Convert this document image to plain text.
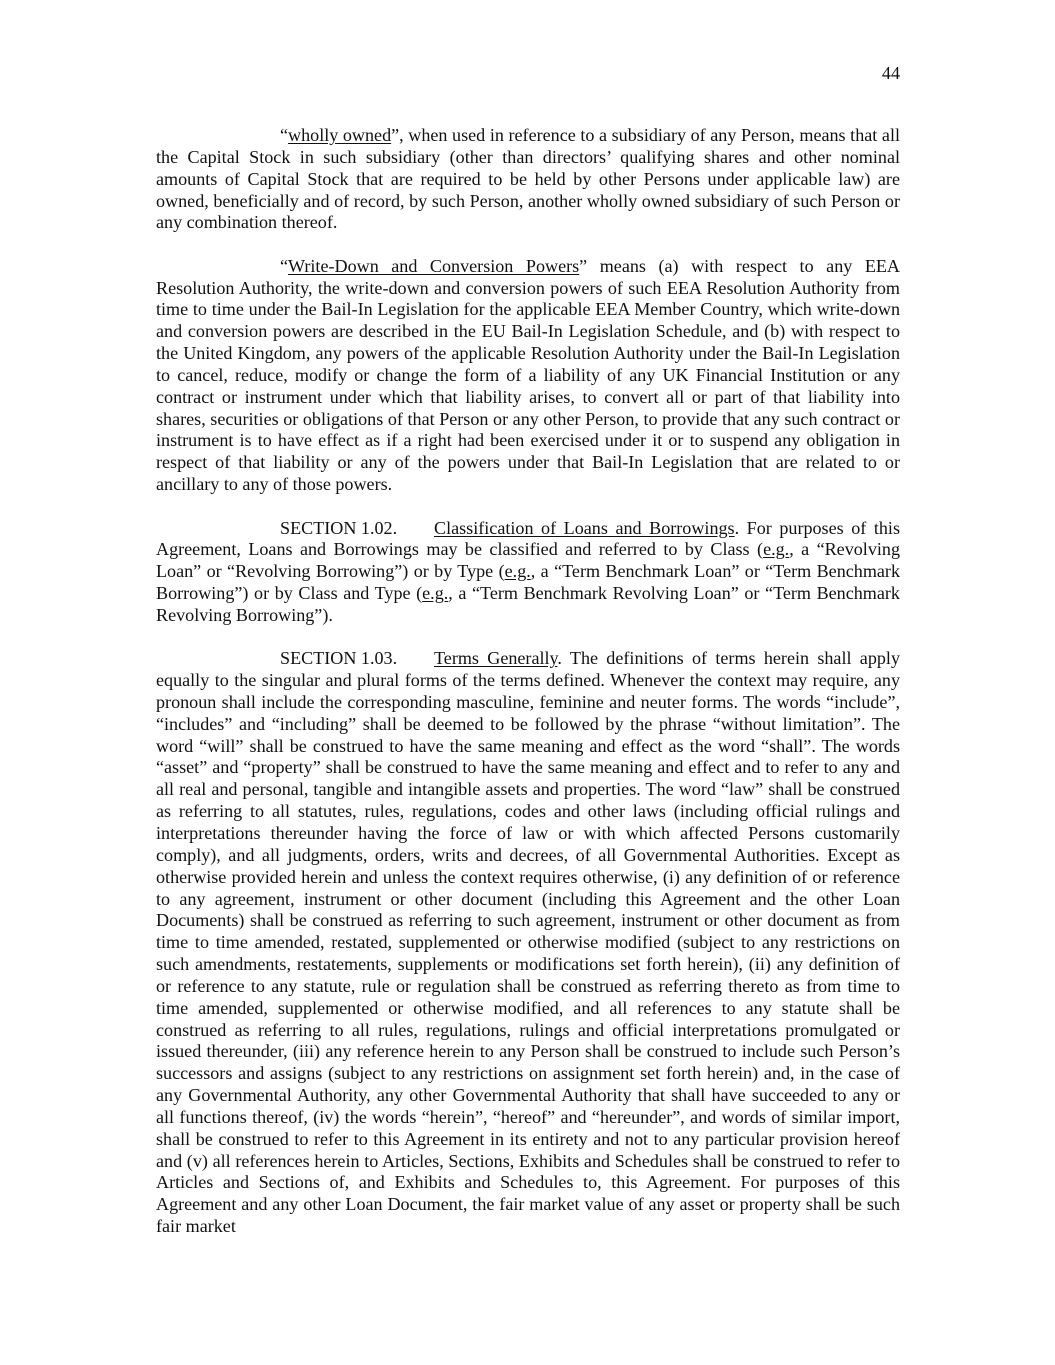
44

“wholly owned”, when used in reference to a subsidiary of any Person, means that all the Capital Stock in such subsidiary (other than directors’ qualifying shares and other nominal amounts of Capital Stock that are required to be held by other Persons under applicable law) are owned, beneficially and of record, by such Person, another wholly owned subsidiary of such Person or any combination thereof.

“Write-Down and Conversion Powers” means (a) with respect to any EEA Resolution Authority, the write-down and conversion powers of such EEA Resolution Authority from time to time under the Bail-In Legislation for the applicable EEA Member Country, which write-down and conversion powers are described in the EU Bail-In Legislation Schedule, and (b) with respect to the United Kingdom, any powers of the applicable Resolution Authority under the Bail-In Legislation to cancel, reduce, modify or change the form of a liability of any UK Financial Institution or any contract or instrument under which that liability arises, to convert all or part of that liability into shares, securities or obligations of that Person or any other Person, to provide that any such contract or instrument is to have effect as if a right had been exercised under it or to suspend any obligation in respect of that liability or any of the powers under that Bail-In Legislation that are related to or ancillary to any of those powers.

SECTION 1.02. Classification of Loans and Borrowings. For purposes of this Agreement, Loans and Borrowings may be classified and referred to by Class (e.g., a “Revolving Loan” or “Revolving Borrowing”) or by Type (e.g., a “Term Benchmark Loan” or “Term Benchmark Borrowing”) or by Class and Type (e.g., a “Term Benchmark Revolving Loan” or “Term Benchmark Revolving Borrowing”).

SECTION 1.03. Terms Generally. The definitions of terms herein shall apply equally to the singular and plural forms of the terms defined. Whenever the context may require, any pronoun shall include the corresponding masculine, feminine and neuter forms. The words “include”, “includes” and “including” shall be deemed to be followed by the phrase “without limitation”. The word “will” shall be construed to have the same meaning and effect as the word “shall”. The words “asset” and “property” shall be construed to have the same meaning and effect and to refer to any and all real and personal, tangible and intangible assets and properties. The word “law” shall be construed as referring to all statutes, rules, regulations, codes and other laws (including official rulings and interpretations thereunder having the force of law or with which affected Persons customarily comply), and all judgments, orders, writs and decrees, of all Governmental Authorities. Except as otherwise provided herein and unless the context requires otherwise, (i) any definition of or reference to any agreement, instrument or other document (including this Agreement and the other Loan Documents) shall be construed as referring to such agreement, instrument or other document as from time to time amended, restated, supplemented or otherwise modified (subject to any restrictions on such amendments, restatements, supplements or modifications set forth herein), (ii) any definition of or reference to any statute, rule or regulation shall be construed as referring thereto as from time to time amended, supplemented or otherwise modified, and all references to any statute shall be construed as referring to all rules, regulations, rulings and official interpretations promulgated or issued thereunder, (iii) any reference herein to any Person shall be construed to include such Person’s successors and assigns (subject to any restrictions on assignment set forth herein) and, in the case of any Governmental Authority, any other Governmental Authority that shall have succeeded to any or all functions thereof, (iv) the words “herein”, “hereof” and “hereunder”, and words of similar import, shall be construed to refer to this Agreement in its entirety and not to any particular provision hereof and (v) all references herein to Articles, Sections, Exhibits and Schedules shall be construed to refer to Articles and Sections of, and Exhibits and Schedules to, this Agreement. For purposes of this Agreement and any other Loan Document, the fair market value of any asset or property shall be such fair market
